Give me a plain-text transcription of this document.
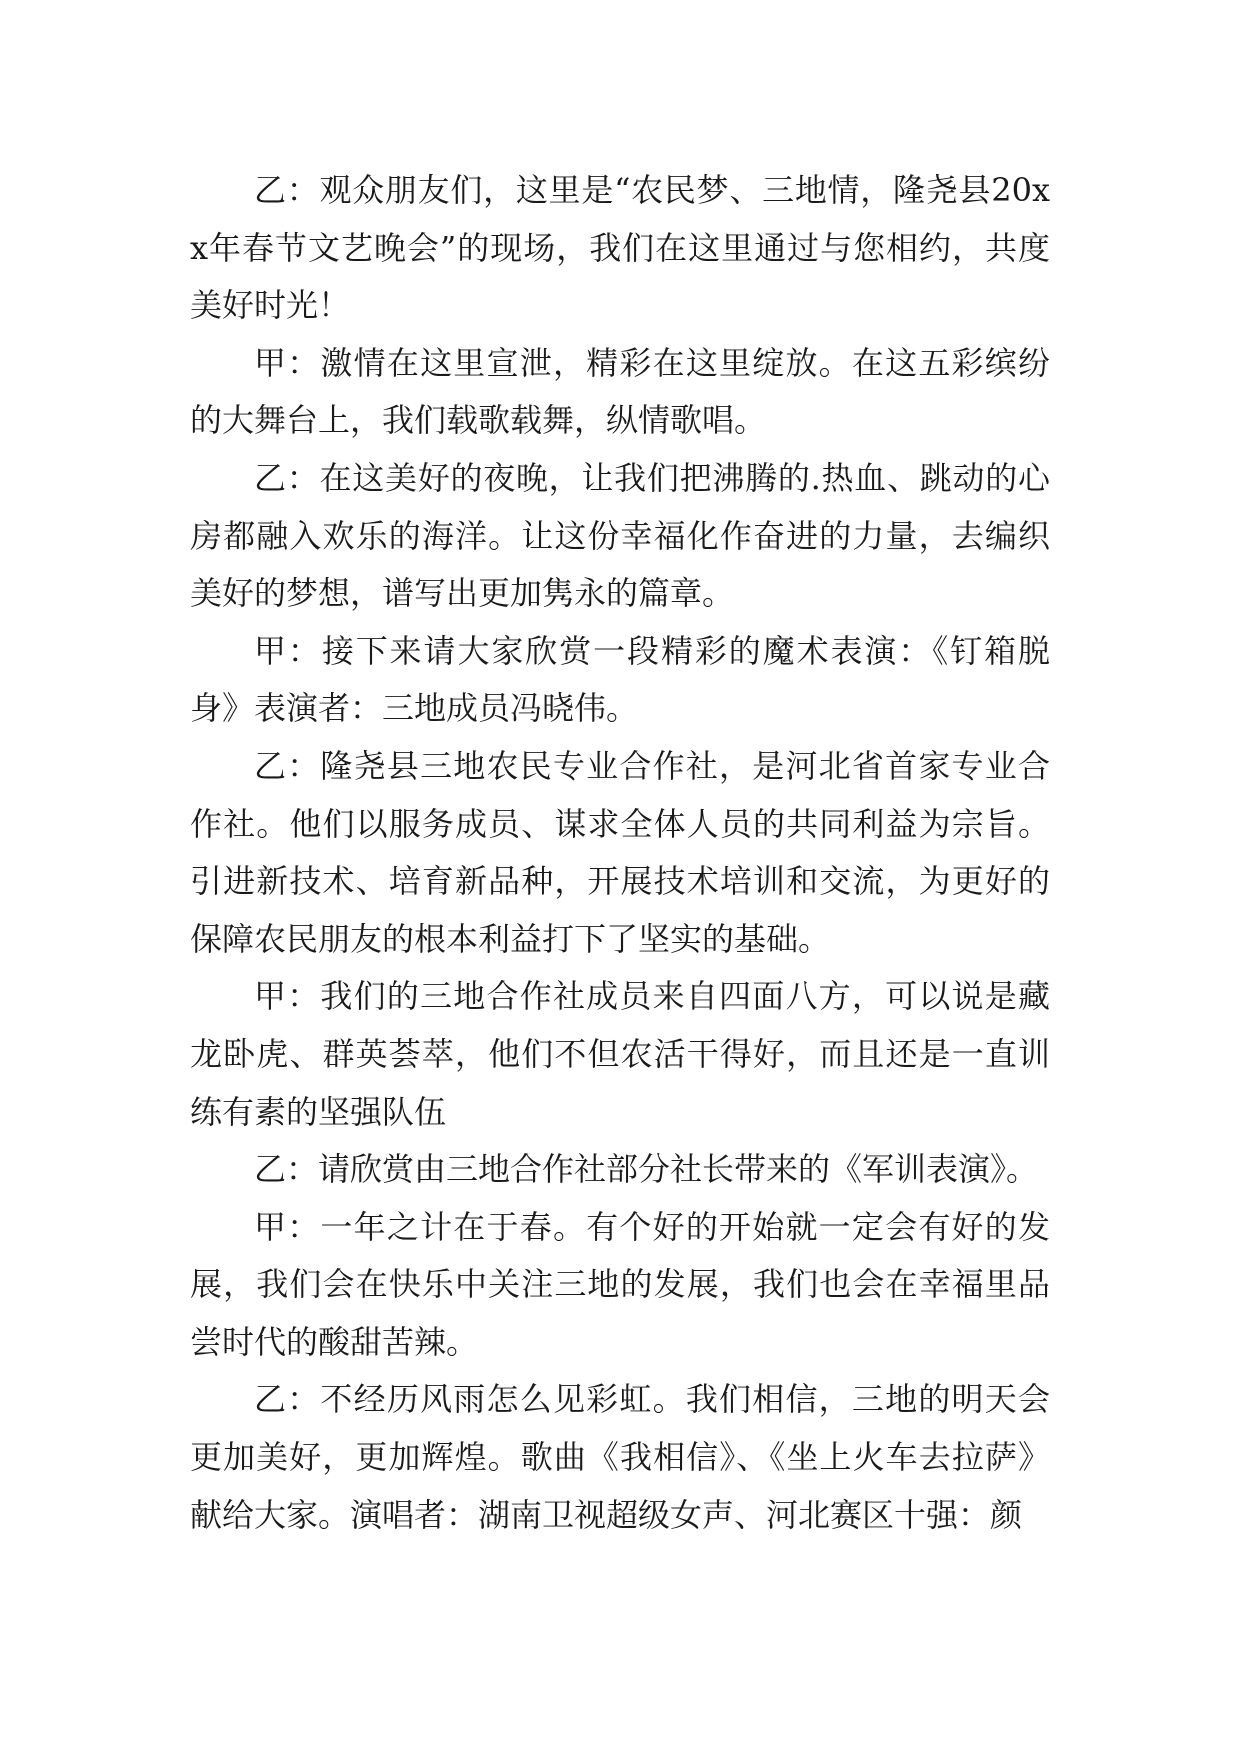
乙：观众朋友们，这里是“农民梦、三地情，隆尧县20xx年春节文艺晚会”的现场，我们在这里通过与您相约，共度美好时光！

甲：激情在这里宣泄，精彩在这里绽放。在这五彩缤纷的大舞台上，我们载歌载舞，纵情歌唱。

乙：在这美好的夜晚，让我们把沸腾的.热血、跳动的心房都融入欢乐的海洋。让这份幸福化作奋进的力量，去编织美好的梦想，谱写出更加隽永的篇章。

甲：接下来请大家欣赏一段精彩的魔术表演：《钉箱脱身》表演者：三地成员冯晓伟。

乙：隆尧县三地农民专业合作社，是河北省首家专业合作社。他们以服务成员、谋求全体人员的共同利益为宗旨。引进新技术、培育新品种，开展技术培训和交流，为更好的保障农民朋友的根本利益打下了坚实的基础。

甲：我们的三地合作社成员来自四面八方，可以说是藏龙卧虎、群英荟萃，他们不但农活干得好，而且还是一直训练有素的坚强队伍

乙：请欣赏由三地合作社部分社长带来的《军训表演》。

甲：一年之计在于春。有个好的开始就一定会有好的发展，我们会在快乐中关注三地的发展，我们也会在幸福里品尝时代的酸甜苦辣。

乙：不经历风雨怎么见彩虹。我们相信，三地的明天会更加美好，更加辉煌。歌曲《我相信》、《坐上火车去拉萨》献给大家。演唱者：湖南卫视超级女声、河北赛区十强：颜
